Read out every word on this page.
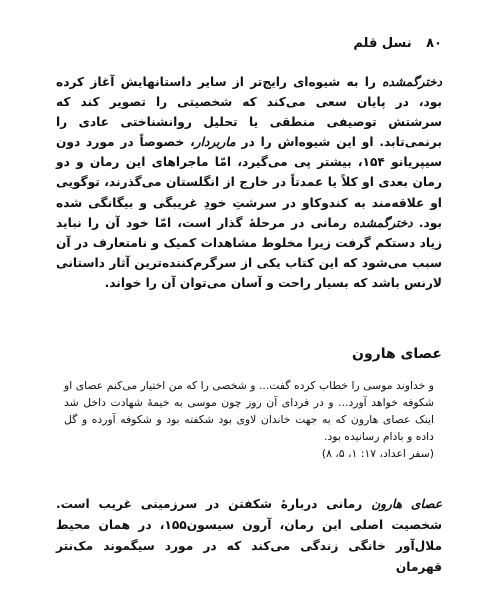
۸۰ نسل قلم

دخترگمشده را به شیوه‌ای رایج‌تر از سایر داستانهایش آغاز کرده بود، در پایان سعی می‌کند که شخصیتی را تصویر کند که سرشتش توصیفی منطقی یا تحلیل روانشناختی عادی را برنمی‌تابد. او این شیوه‌اش را در ماربردار، خصوصاً در مورد دون سیپریانو ۱۵۴، بیشتر پی می‌گیرد، امّا ماجراهای این رمان و دو رمان بعدی او کلاً یا عمدتاً در خارج از انگلستان می‌گذرند، توگویی او علاقه‌مند به کندوکاو در سرشتِ خودِ غریبگی و بیگانگی شده بود. دخترگمشده رمانی در مرحلهٔ گذار است، امّا خود آن را نباید زیاد دستکم گرفت زیرا مخلوط مشاهدات کمیک و نامتعارف در آن سبب می‌شود که این کتاب یکی از سرگرم‌کننده‌ترین آثار داستانی لارنس باشد که بسیار راحت و آسان می‌توان آن را خواند.

عصای هارون

و خداوند موسی را خطاب کرده گفت... و شخصی را که من اختیار می‌کنم عصای او شکوفه خواهد آورد... و در فردای آن روز چون موسی به خیمهٔ شهادت داخل شد اینک عصای هارون که به جهت خاندان لاوی بود شکفته بود و شکوفه آورده و گل داده و بادام رسانیده بود.
(سفر اعداد، ۱۷: ۱، ۵، ۸)

عصای هارون رمانی دربارهٔ شکفتن در سرزمینی غریب است. شخصیت اصلی این رمان، آرون سیسون۱۵۵، در همان محیط ملال‌آور خانگی زندگی می‌کند که در مورد سیگموند مک‌نتر قهرمان
